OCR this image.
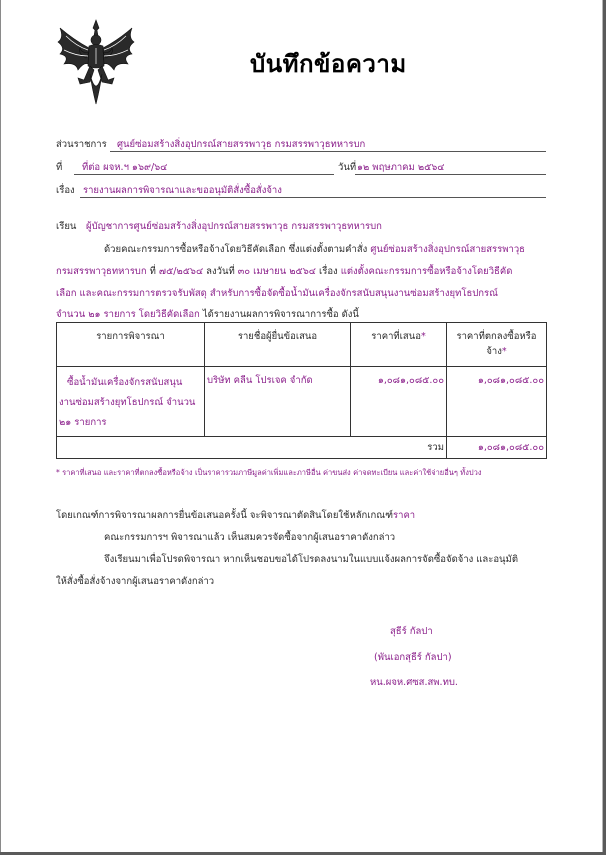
บันทึกข้อความ
ส่วนราชการ ศูนย์ซ่อมสร้างสิ่งอุปกรณ์สายสรรพาวุธ กรมสรรพาวุธทหารบก
ที่ ที่ต่อ ผจห.ฯ ๑๖๙/๖๔	วันที่ ๑๒ พฤษภาคม ๒๕๖๔
เรื่อง รายงานผลการพิจารณาและขออนุมัติสั่งซื้อสั่งจ้าง
เรียน ผู้บัญชาการศูนย์ซ่อมสร้างสิ่งอุปกรณ์สายสรรพาวุธ กรมสรรพาวุธทหารบก
ด้วยคณะกรรมการซื้อหรือจ้างโดยวิธีคัดเลือก ซึ่งแต่งตั้งตามคำสั่ง ศูนย์ซ่อมสร้างสิ่งอุปกรณ์สายสรรพาวุธ
กรมสรรพาวุธทหารบก ที่ ๗๕/๒๕๖๔ ลงวันที่ ๓๐ เมษายน ๒๕๖๔ เรื่อง แต่งตั้งคณะกรรมการซื้อหรือจ้างโดยวิธีคัด
เลือก และคณะกรรมการตรวจรับพัสดุ สำหรับการซื้อจัดซื้อน้ำมันเครื่องจักรสนับสนุนงานซ่อมสร้างยุทโธปกรณ์
จำนวน ๒๑ รายการ โดยวิธีคัดเลือก ได้รายงานผลการพิจารณาการซื้อ ดังนี้
รายการพิจารณา	รายชื่อผู้ยื่นข้อเสนอ	ราคาที่เสนอ*	ราคาที่ตกลงซื้อหรือ
จ้าง*
ซื้อน้ำมันเครื่องจักรสนับสนุน
งานซ่อมสร้างยุทโธปกรณ์ จำนวน
๒๑ รายการ	บริษัท คลีน โปรเจค จำกัด	๑,๐๘๑,๐๘๕.๐๐	๑,๐๘๑,๐๘๕.๐๐
รวม			๑,๐๘๑,๐๘๕.๐๐
* ราคาที่เสนอ และราคาที่ตกลงซื้อหรือจ้าง เป็นราคารวมภาษีมูลค่าเพิ่มและภาษีอื่น ค่าขนส่ง ค่าจดทะเบียน และค่าใช้จ่ายอื่นๆ ทั้งปวง
โดยเกณฑ์การพิจารณาผลการยื่นข้อเสนอครั้งนี้ จะพิจารณาตัดสินโดยใช้หลักเกณฑ์ราคา
คณะกรรมการฯ พิจารณาแล้ว เห็นสมควรจัดซื้อจากผู้เสนอราคาดังกล่าว
จึงเรียนมาเพื่อโปรดพิจารณา หากเห็นชอบขอได้โปรดลงนามในแบบแจ้งผลการจัดซื้อจัดจ้าง และอนุมัติ
ให้สั่งซื้อสั่งจ้างจากผู้เสนอราคาดังกล่าว
สุธีร์ กัลปา
(พันเอกสุธีร์ กัลปา)
หน.ผจห.ศซส.สพ.ทบ.
